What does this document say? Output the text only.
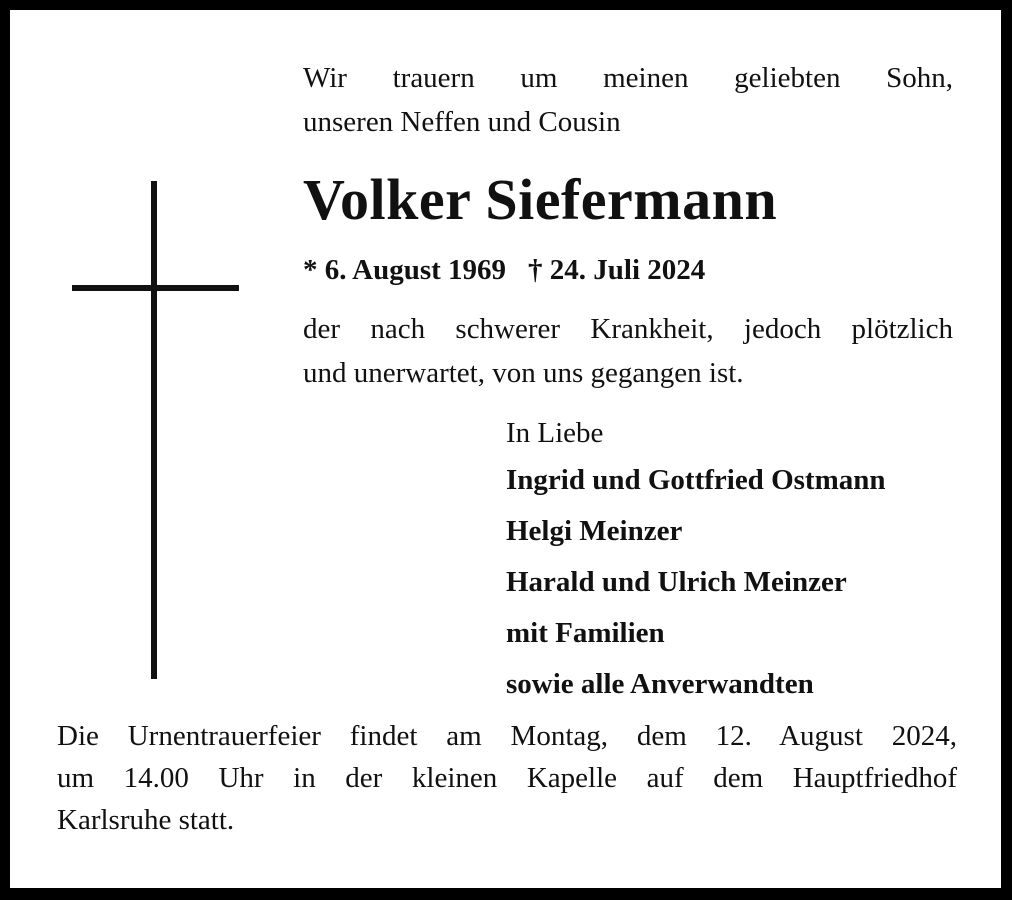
Wir trauern um meinen geliebten Sohn,
unseren Neffen und Cousin
Volker Siefermann
* 6. August 1969 † 24. Juli 2024
der nach schwerer Krankheit, jedoch plötzlich
und unerwartet, von uns gegangen ist.
In Liebe
Ingrid und Gottfried Ostmann
Helgi Meinzer
Harald und Ulrich Meinzer
mit Familien
sowie alle Anverwandten
Die Urnentrauerfeier findet am Montag, dem 12. August 2024,
um 14.00 Uhr in der kleinen Kapelle auf dem Hauptfriedhof
Karlsruhe statt.
